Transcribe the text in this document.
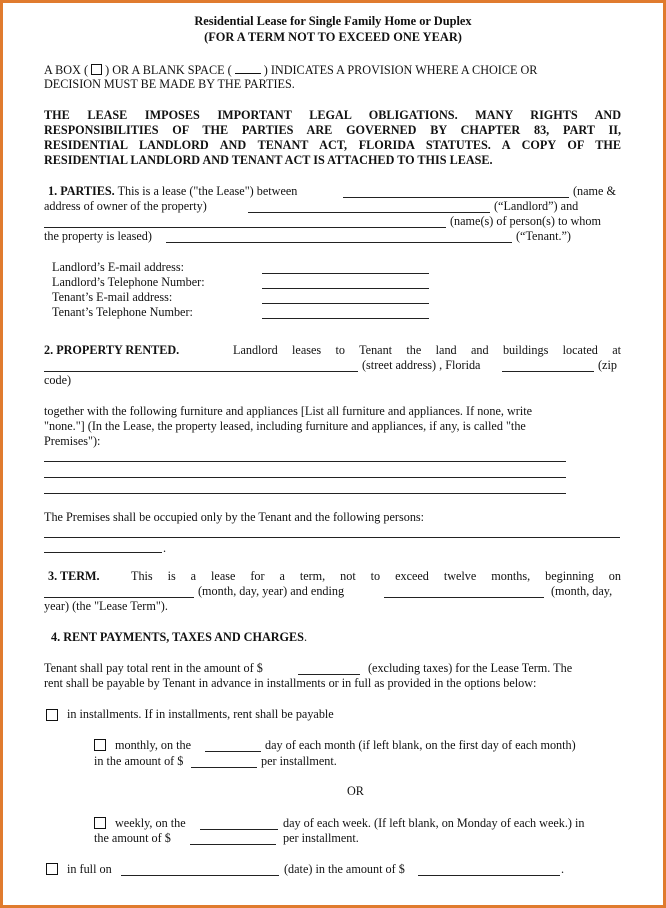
Residential Lease for Single Family Home or Duplex
(FOR A TERM NOT TO EXCEED ONE YEAR)
A BOX ( ) OR A BLANK SPACE (	) INDICATES A PROVISION WHERE A CHOICE OR
DECISION MUST BE MADE BY THE PARTIES.
THE LEASE IMPOSES IMPORTANT LEGAL OBLIGATIONS. MANY RIGHTS AND
RESPONSIBILITIES OF THE PARTIES ARE GOVERNED BY CHAPTER 83, PART II,
RESIDENTIAL LANDLORD AND TENANT ACT, FLORIDA STATUTES. A COPY OF THE
RESIDENTIAL LANDLORD AND TENANT ACT IS ATTACHED TO THIS LEASE.
1. PARTIES. This is a lease ("the Lease") between	(name &
address of owner of the property)	(“Landlord”) and
(name(s) of person(s) to whom
the property is leased)	(“Tenant.”)
Landlord’s E-mail address:
Landlord’s Telephone Number:
Tenant’s E-mail address:
Tenant’s Telephone Number:
2. PROPERTY RENTED.	Landlord leases to Tenant the land and buildings located at
(street address) , Florida	(zip
code)
together with the following furniture and appliances [List all furniture and appliances. If none, write
"none."] (In the Lease, the property leased, including furniture and appliances, if any, is called "the
Premises"):
The Premises shall be occupied only by the Tenant and the following persons:
.
3. TERM.	This is a lease for a term, not to exceed twelve months, beginning on
(month, day, year) and ending	(month, day,
year) (the "Lease Term").
4. RENT PAYMENTS, TAXES AND CHARGES.
Tenant shall pay total rent in the amount of $	(excluding taxes) for the Lease Term. The
rent shall be payable by Tenant in advance in installments or in full as provided in the options below:
in installments. If in installments, rent shall be payable
monthly, on the	day of each month (if left blank, on the first day of each month)
in the amount of $	per installment.
OR
weekly, on the	day of each week. (If left blank, on Monday of each week.) in
the amount of $	per installment.
in full on	(date) in the amount of $	.
